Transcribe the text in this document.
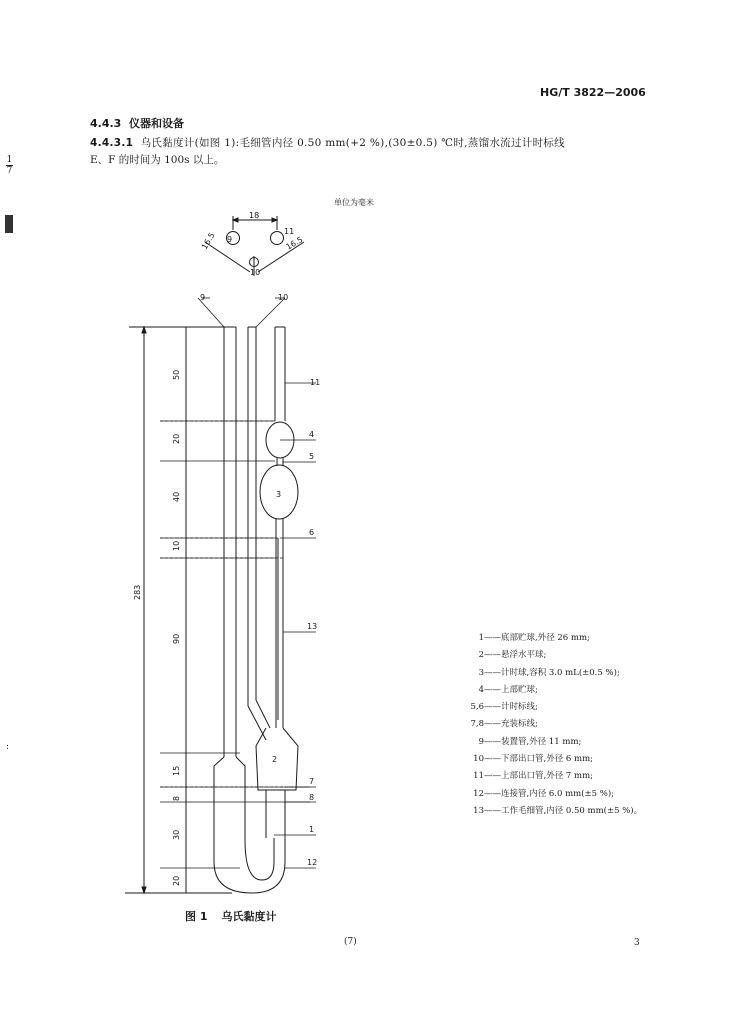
HG/T 3822—2006
4.4.3 仪器和设备
4.4.3.1 乌氏黏度计(如图 1):毛细管内径 0.50 mm(+2 %),(30±0.5) ℃时,蒸馏水流过计时标线
E、F 的时间为 100s 以上。
1
7
:
单位为毫米
9
11
10
18
16.5	16.5
9	10
11
4
5
3
6
13
2
7
8
1
12
50
20
40
10
90
15
8
30
20
283
1——底部贮球,外径 26 mm;
2——悬浮水平球;
3——计时球,容积 3.0 mL(±0.5 %);
4——上部贮球;
5,6——计时标线;
7,8——充装标线;
9——装置管,外径 11 mm;
10——下部出口管,外径 6 mm;
11——上部出口管,外径 7 mm;
12——连接管,内径 6.0 mm(±5 %);
13——工作毛细管,内径 0.50 mm(±5 %)。
图 1 乌氏黏度计
(7)	3
